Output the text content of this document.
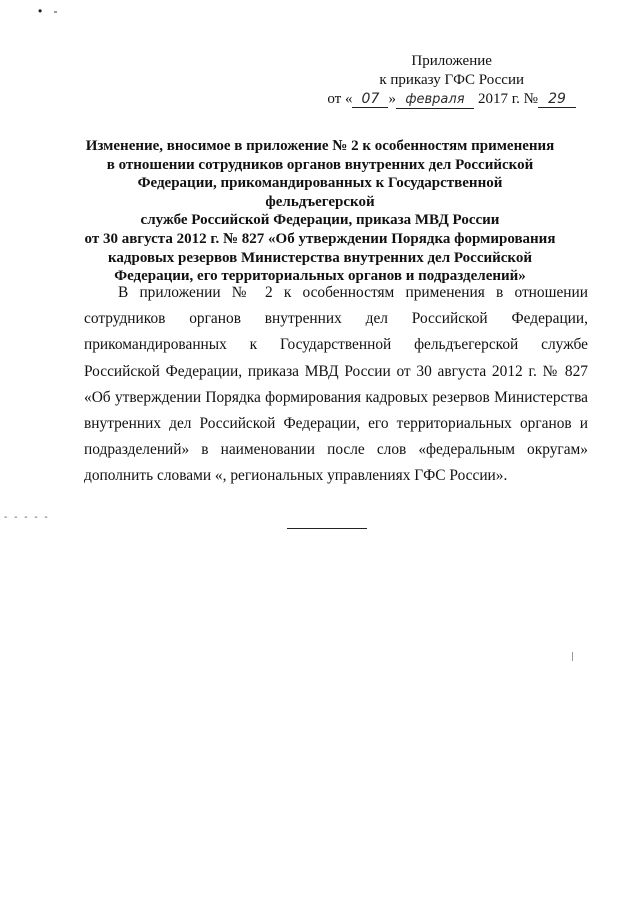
• -
- - - - -
Приложение
к приказу ГФС России
от « 07 » февраля 2017 г. № 29
Изменение, вносимое в приложение № 2 к особенностям применения
в отношении сотрудников органов внутренних дел Российской
Федерации, прикомандированных к Государственной фельдъегерской
службе Российской Федерации, приказа МВД России
от 30 августа 2012 г. № 827 «Об утверждении Порядка формирования
кадровых резервов Министерства внутренних дел Российской
Федерации, его территориальных органов и подразделений»

В приложении № 2 к особенностям применения в отношении сотрудников органов внутренних дел Российской Федерации, прикомандированных к Государственной фельдъегерской службе Российской Федерации, приказа МВД России от 30 августа 2012 г. № 827 «Об утверждении Порядка формирования кадровых резервов Министерства внутренних дел Российской Федерации, его территориальных органов и подразделений» в наименовании после слов «федеральным округам» дополнить словами «, региональных управлениях ГФС России».
